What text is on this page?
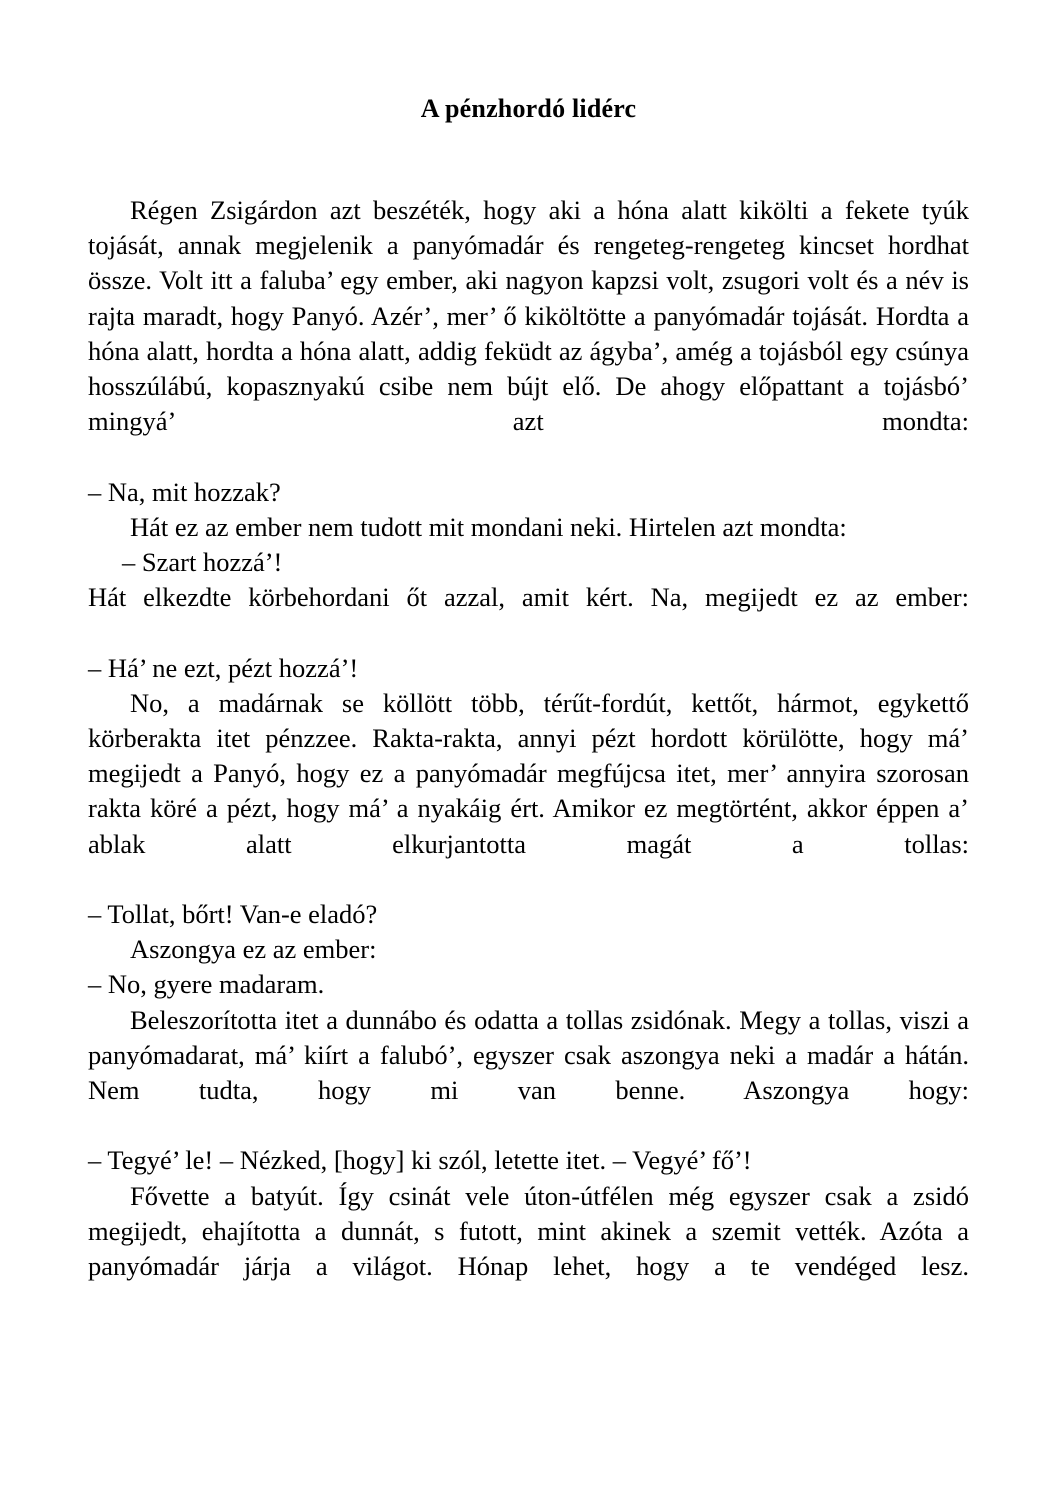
A pénzhordó lidérc

Régen Zsigárdon azt beszéték, hogy aki a hóna alatt kikölti a fekete tyúk tojását, annak megjelenik a panyómadár és rengeteg-rengeteg kincset hordhat össze. Volt itt a faluba’ egy ember, aki nagyon kapzsi volt, zsugori volt és a név is rajta maradt, hogy Panyó. Azér’, mer’ ő kiköltötte a panyómadár tojását. Hordta a hóna alatt, hordta a hóna alatt, addig feküdt az ágyba’, amég a tojásból egy csúnya hosszúlábú, kopasznyakú csibe nem bújt elő. De ahogy előpattant a tojásbó’ mingyá’ azt mondta:

– Na, mit hozzak?

Hát ez az ember nem tudott mit mondani neki. Hirtelen azt mondta:

– Szart hozzá’!

Hát elkezdte körbehordani őt azzal, amit kért. Na, megijedt ez az ember:

– Há’ ne ezt, pézt hozzá’!

No, a madárnak se köllött több, térűt-fordút, kettőt, hármot, egykettő körberakta itet pénzzee. Rakta-rakta, annyi pézt hordott körülötte, hogy má’ megijedt a Panyó, hogy ez a panyómadár megfújcsa itet, mer’ annyira szorosan rakta köré a pézt, hogy má’ a nyakáig ért. Amikor ez megtörtént, akkor éppen a’ ablak alatt elkurjantotta magát a tollas:

– Tollat, bőrt! Van-e eladó?

Aszongya ez az ember:

– No, gyere madaram.

Beleszorította itet a dunnábo és odatta a tollas zsidónak. Megy a tollas, viszi a panyómadarat, má’ kiírt a falubó’, egyszer csak aszongya neki a madár a hátán. Nem tudta, hogy mi van benne. Aszongya hogy:

– Tegyé’ le! – Nézked, [hogy] ki szól, letette itet. – Vegyé’ fő’!

Fővette a batyút. Így csinát vele úton-útfélen még egyszer csak a zsidó megijedt, ehajította a dunnát, s futott, mint akinek a szemit vették. Azóta a panyómadár járja a világot. Hónap lehet, hogy a te vendéged lesz.
